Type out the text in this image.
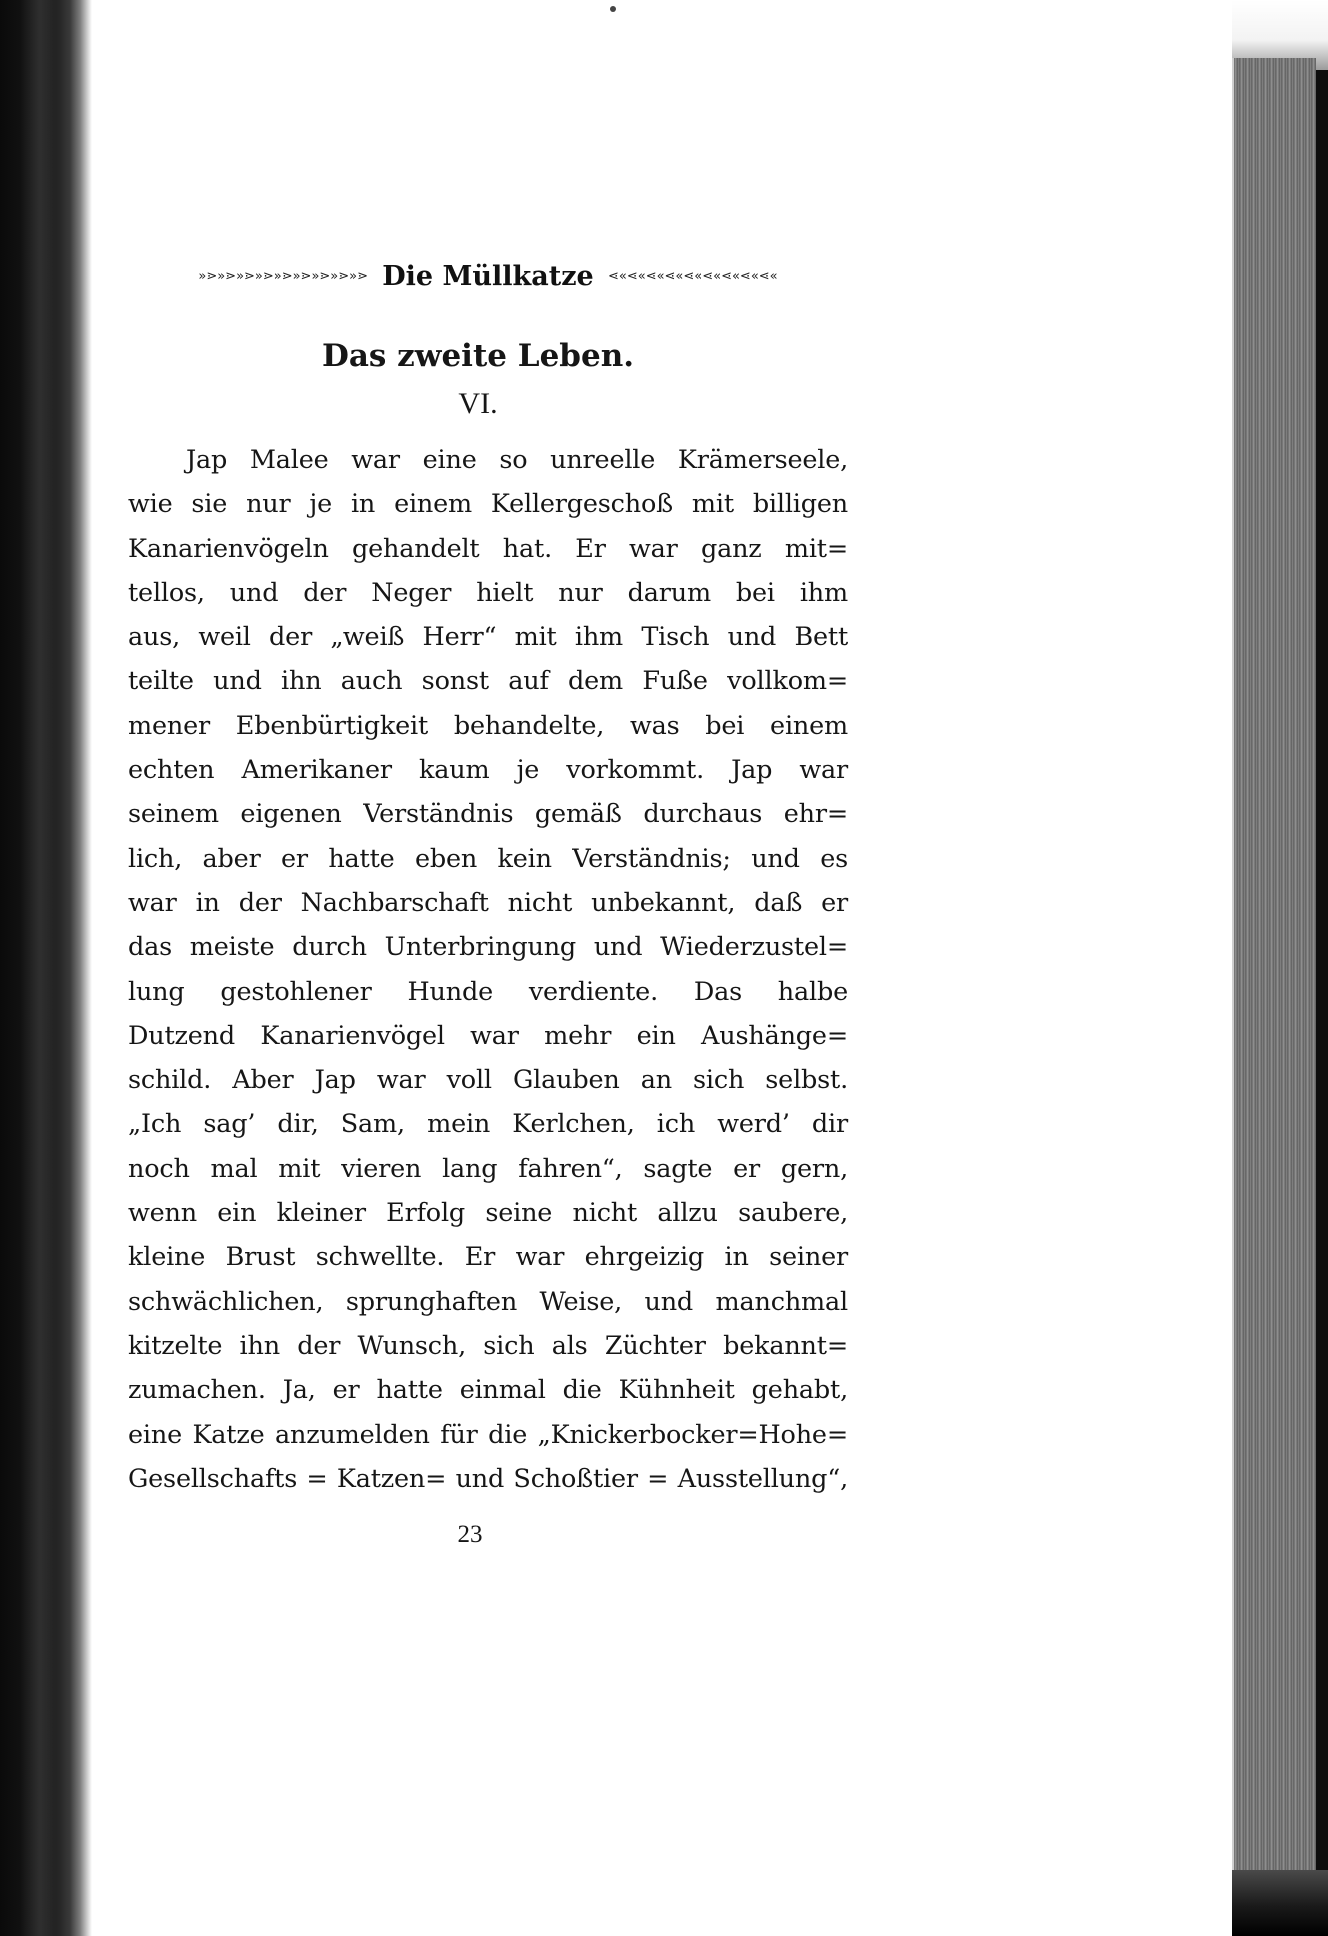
»⋗»⋗»⋗»⋗»⋗»⋗»⋗»⋗»⋗ Die Müllkatze	⋖«⋖«⋖«⋖«⋖«⋖«⋖«⋖«⋖«
Das zweite Leben.
VI.
Jap Malee war eine so unreelle Krämerseele,
wie sie nur je in einem Kellergeschoß mit billigen
Kanarienvögeln gehandelt hat. Er war ganz mit=
tellos, und der Neger hielt nur darum bei ihm
aus, weil der „weiß Herr“ mit ihm Tisch und Bett
teilte und ihn auch sonst auf dem Fuße vollkom=
mener Ebenbürtigkeit behandelte, was bei einem
echten Amerikaner kaum je vorkommt. Jap war
seinem eigenen Verständnis gemäß durchaus ehr=
lich, aber er hatte eben kein Verständnis; und es
war in der Nachbarschaft nicht unbekannt, daß er
das meiste durch Unterbringung und Wiederzustel=
lung gestohlener Hunde verdiente. Das halbe
Dutzend Kanarienvögel war mehr ein Aushänge=
schild. Aber Jap war voll Glauben an sich selbst.
„Ich sag’ dir, Sam, mein Kerlchen, ich werd’ dir
noch mal mit vieren lang fahren“, sagte er gern,
wenn ein kleiner Erfolg seine nicht allzu saubere,
kleine Brust schwellte. Er war ehrgeizig in seiner
schwächlichen, sprunghaften Weise, und manchmal
kitzelte ihn der Wunsch, sich als Züchter bekannt=
zumachen. Ja, er hatte einmal die Kühnheit gehabt,
eine Katze anzumelden für die „Knickerbocker=Hohe=
Gesellschafts = Katzen= und Schoßtier = Ausstellung“,
23
